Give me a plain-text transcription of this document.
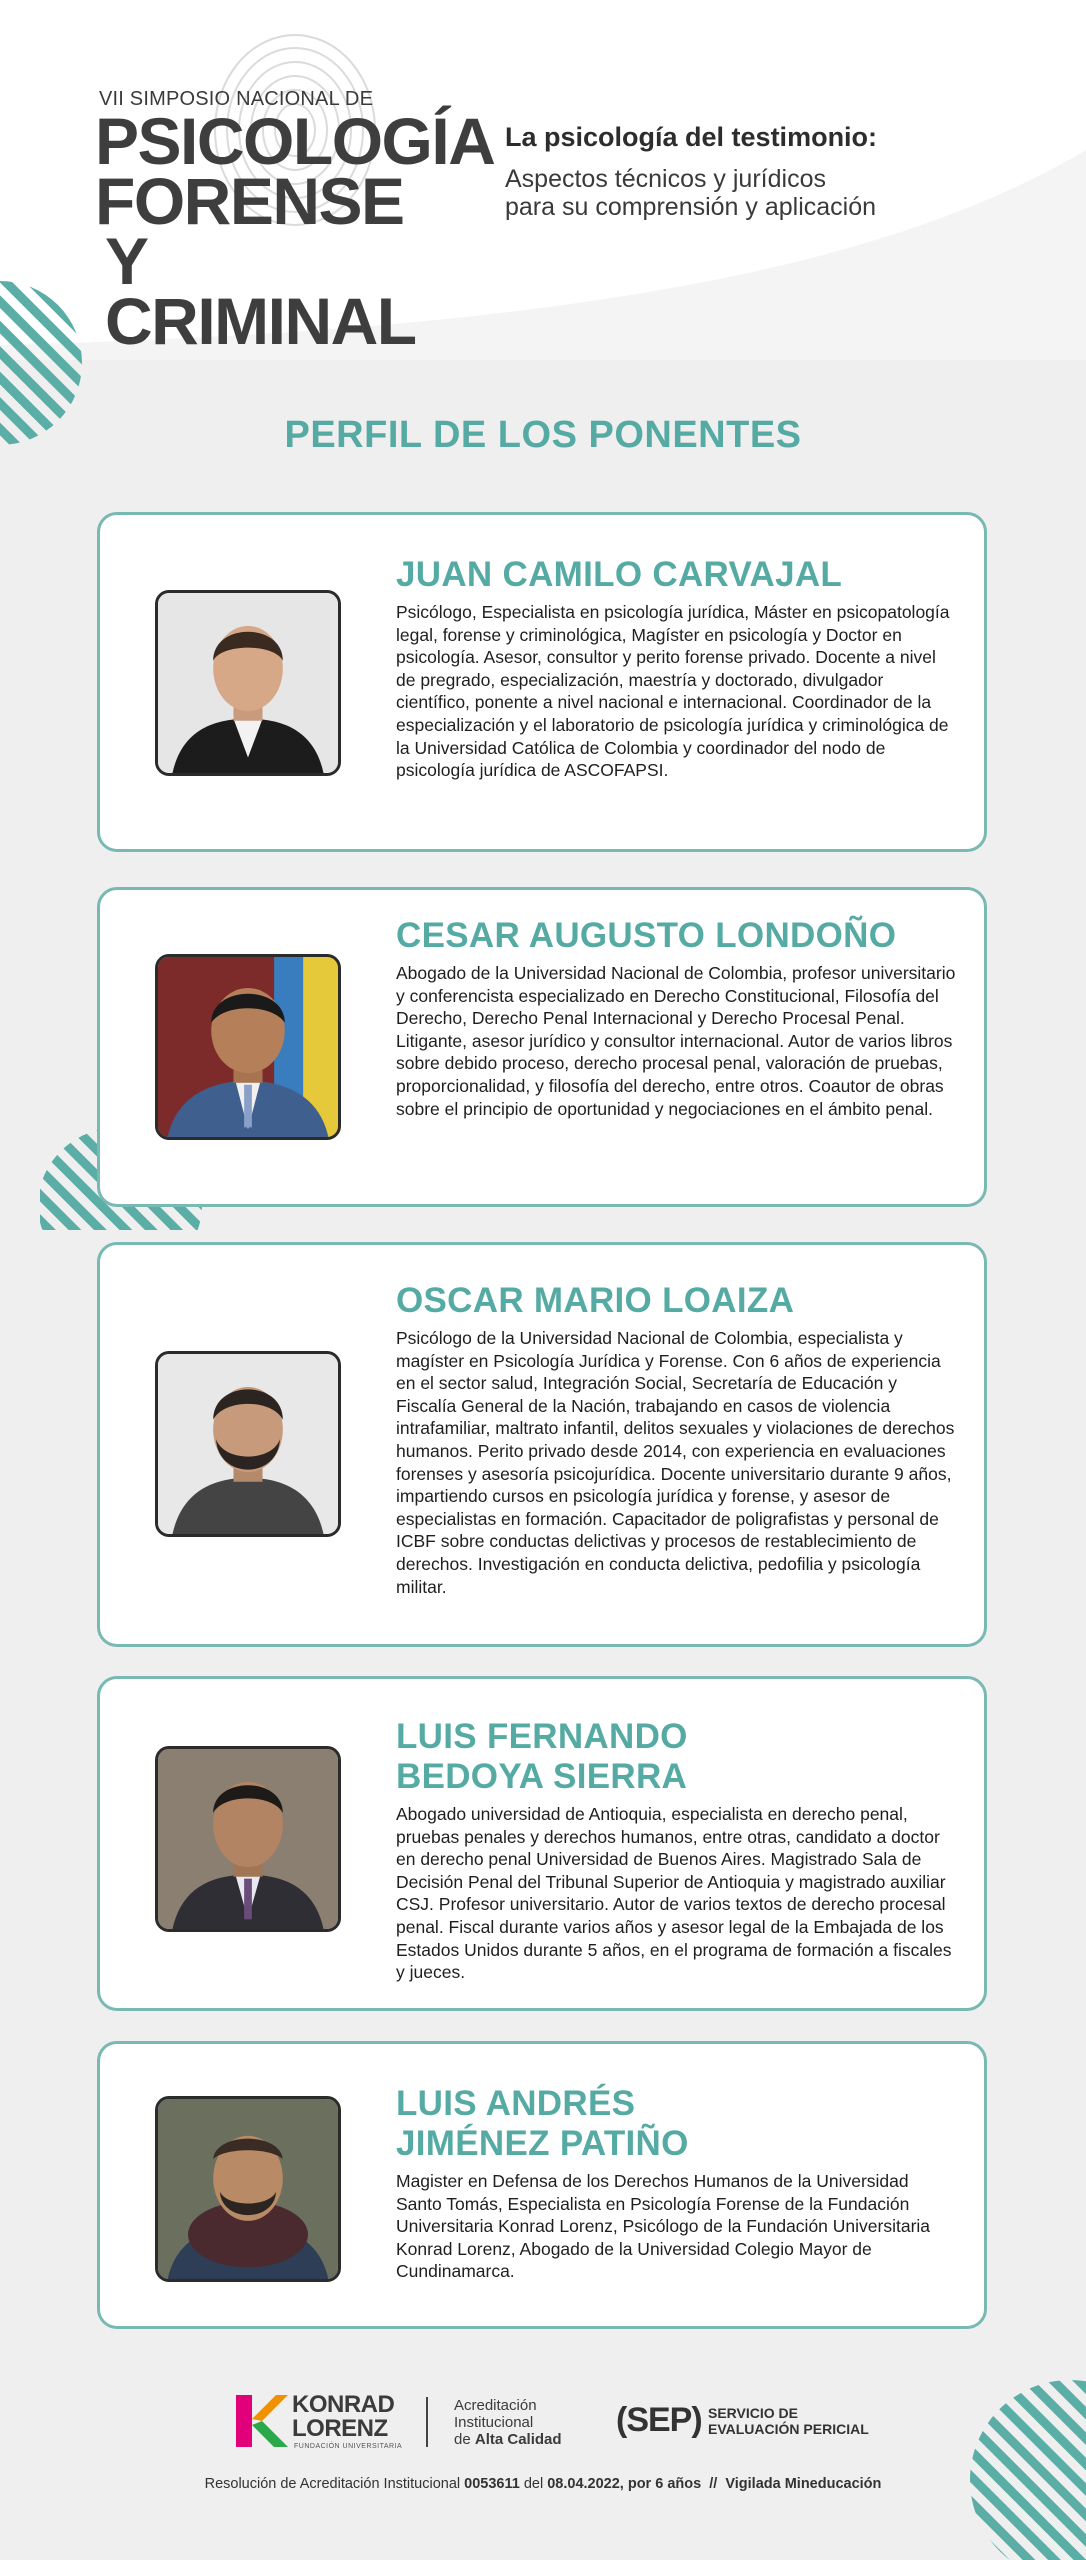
VII SIMPOSIO NACIONAL DE
PSICOLOGÍA
FORENSE
Y CRIMINAL
La psicología del testimonio:
Aspectos técnicos y jurídicos
para su comprensión y aplicación
PERFIL DE LOS PONENTES
JUAN CAMILO CARVAJAL
Psicólogo, Especialista en psicología jurídica, Máster en psicopatología legal, forense y criminológica, Magíster en psicología y Doctor en psicología. Asesor, consultor y perito forense privado. Docente a nivel de pregrado, especialización, maestría y doctorado, divulgador científico, ponente a nivel nacional e internacional. Coordinador de la especialización y el laboratorio de psicología jurídica y criminológica de la Universidad Católica de Colombia y coordinador del nodo de psicología jurídica de ASCOFAPSI.
CESAR AUGUSTO LONDOÑO
Abogado de la Universidad Nacional de Colombia, profesor universitario y conferencista especializado en Derecho Constitucional, Filosofía del Derecho, Derecho Penal Internacional y Derecho Procesal Penal. Litigante, asesor jurídico y consultor internacional. Autor de varios libros sobre debido proceso, derecho procesal penal, valoración de pruebas, proporcionalidad, y filosofía del derecho, entre otros. Coautor de obras sobre el principio de oportunidad y negociaciones en el ámbito penal.
OSCAR MARIO LOAIZA
Psicólogo de la Universidad Nacional de Colombia, especialista y magíster en Psicología Jurídica y Forense. Con 6 años de experiencia en el sector salud, Integración Social, Secretaría de Educación y Fiscalía General de la Nación, trabajando en casos de violencia intrafamiliar, maltrato infantil, delitos sexuales y violaciones de derechos humanos. Perito privado desde 2014, con experiencia en evaluaciones forenses y asesoría psicojurídica. Docente universitario durante 9 años, impartiendo cursos en psicología jurídica y forense, y asesor de especialistas en formación. Capacitador de poligrafistas y personal de ICBF sobre conductas delictivas y procesos de restablecimiento de derechos. Investigación en conducta delictiva, pedofilia y psicología militar.
LUIS FERNANDO
BEDOYA SIERRA
Abogado universidad de Antioquia, especialista en derecho penal, pruebas penales y derechos humanos, entre otras, candidato a doctor en derecho penal Universidad de Buenos Aires. Magistrado Sala de Decisión Penal del Tribunal Superior de Antioquia y magistrado auxiliar CSJ. Profesor universitario. Autor de varios textos de derecho procesal penal. Fiscal durante varios años y asesor legal de la Embajada de los Estados Unidos durante 5 años, en el programa de formación a fiscales y jueces.
LUIS ANDRÉS
JIMÉNEZ PATIÑO
Magister en Defensa de los Derechos Humanos de la Universidad Santo Tomás, Especialista en Psicología Forense de la Fundación Universitaria Konrad Lorenz, Psicólogo de la Fundación Universitaria Konrad Lorenz, Abogado de la Universidad Colegio Mayor de Cundinamarca.
KONRAD
LORENZ
FUNDACIÓN UNIVERSITARIA
Acreditación
Institucional
de Alta Calidad
(SEP) SERVICIO DE
EVALUACIÓN PERICIAL
Resolución de Acreditación Institucional 0053611 del 08.04.2022, por 6 años  //  Vigilada Mineducación
